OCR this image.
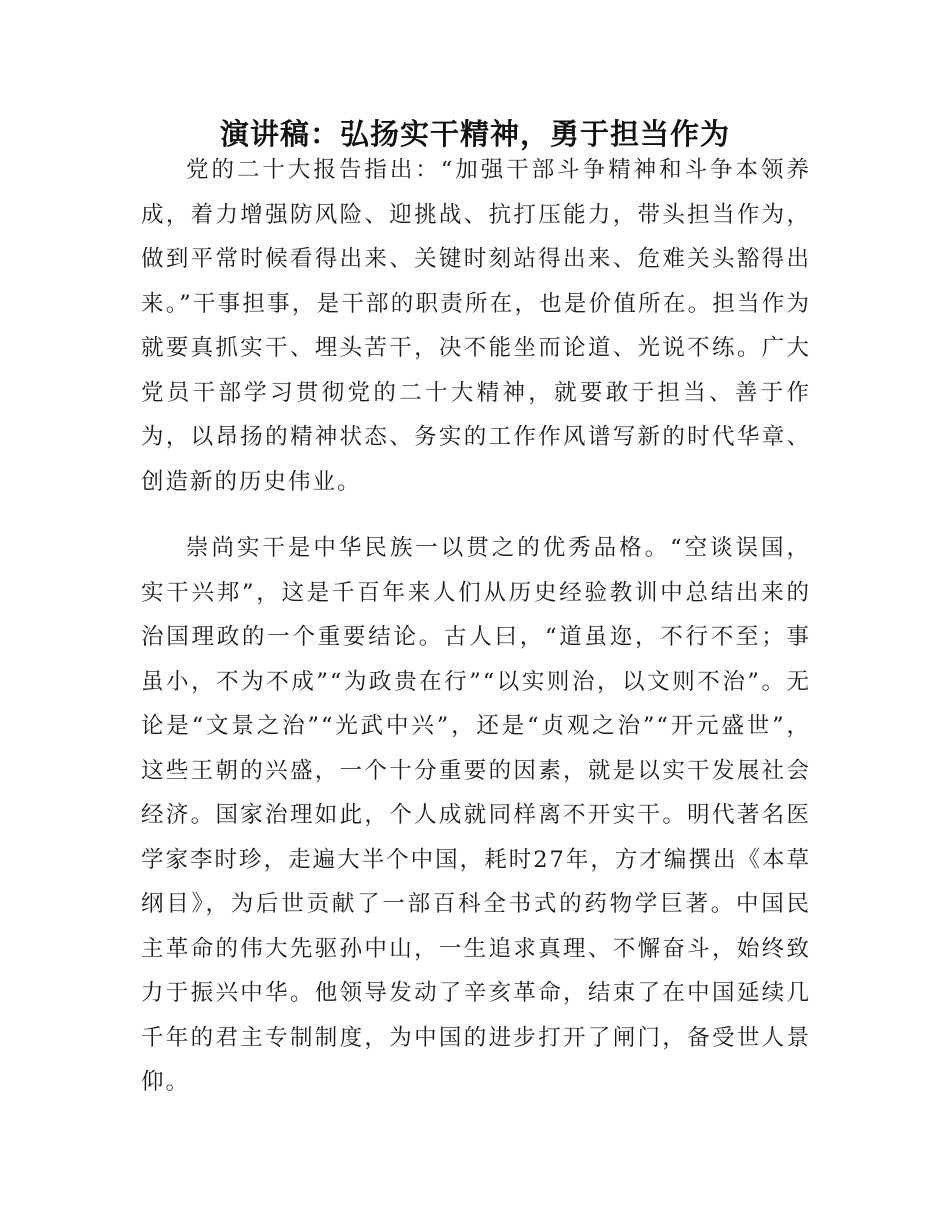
演讲稿：弘扬实干精神，勇于担当作为

党的二十大报告指出：“加强干部斗争精神和斗争本领养成，着力增强防风险、迎挑战、抗打压能力，带头担当作为，做到平常时候看得出来、关键时刻站得出来、危难关头豁得出来。”干事担事，是干部的职责所在，也是价值所在。担当作为就要真抓实干、埋头苦干，决不能坐而论道、光说不练。广大党员干部学习贯彻党的二十大精神，就要敢于担当、善于作为，以昂扬的精神状态、务实的工作作风谱写新的时代华章、创造新的历史伟业。

崇尚实干是中华民族一以贯之的优秀品格。“空谈误国，实干兴邦”，这是千百年来人们从历史经验教训中总结出来的治国理政的一个重要结论。古人曰，“道虽迩，不行不至；事虽小，不为不成”“为政贵在行”“以实则治，以文则不治”。无论是“文景之治”“光武中兴”，还是“贞观之治”“开元盛世”，这些王朝的兴盛，一个十分重要的因素，就是以实干发展社会经济。国家治理如此，个人成就同样离不开实干。明代著名医学家李时珍，走遍大半个中国，耗时27年，方才编撰出《本草纲目》，为后世贡献了一部百科全书式的药物学巨著。中国民主革命的伟大先驱孙中山，一生追求真理、不懈奋斗，始终致力于振兴中华。他领导发动了辛亥革命，结束了在中国延续几千年的君主专制制度，为中国的进步打开了闸门，备受世人景仰。
